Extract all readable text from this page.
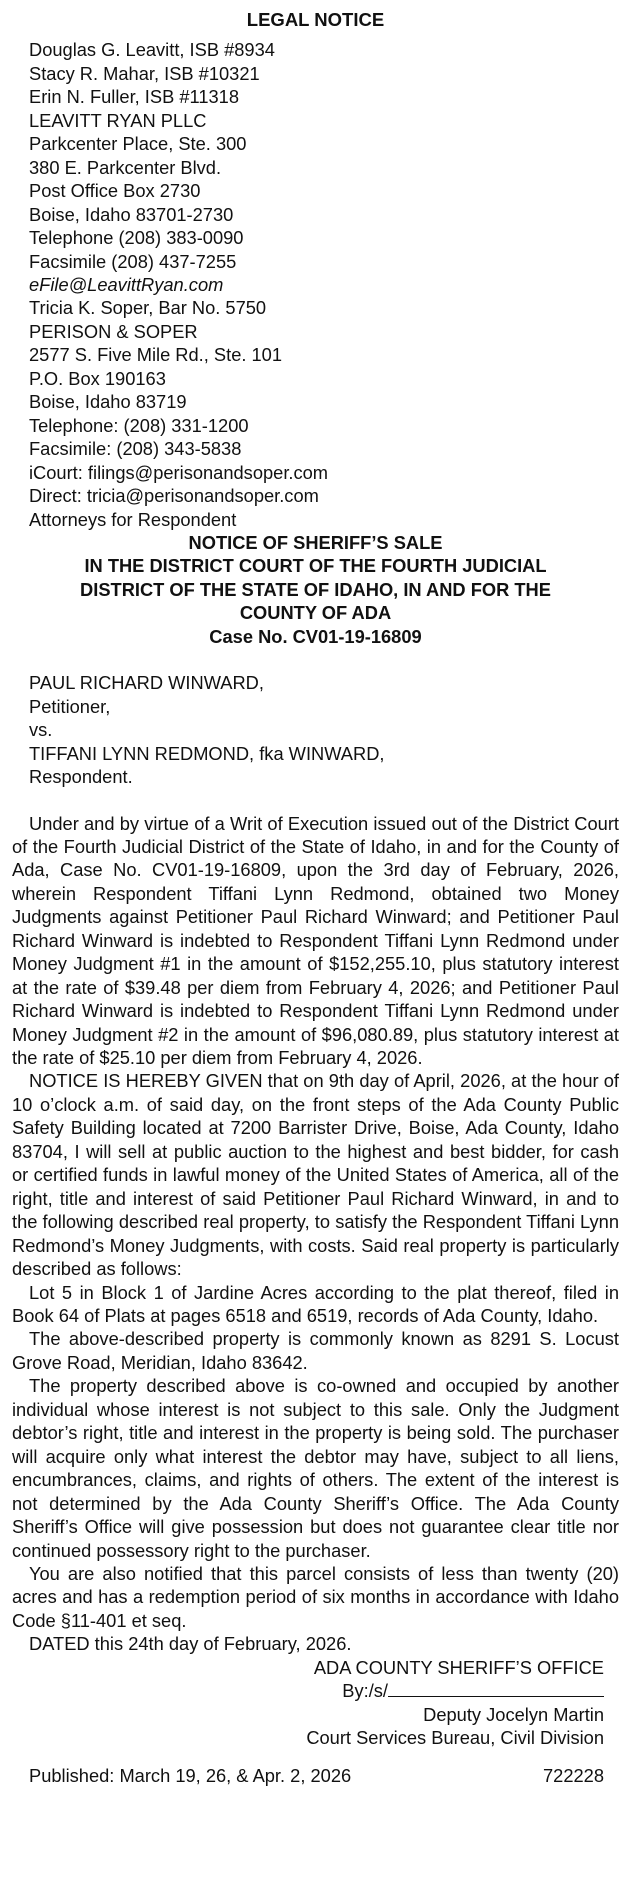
LEGAL NOTICE
Douglas G. Leavitt, ISB #8934
Stacy R. Mahar, ISB #10321
Erin N. Fuller, ISB #11318
LEAVITT RYAN PLLC
Parkcenter Place, Ste. 300
380 E. Parkcenter Blvd.
Post Office Box 2730
Boise, Idaho 83701-2730
Telephone (208) 383-0090
Facsimile (208) 437-7255
eFile@LeavittRyan.com
Tricia K. Soper, Bar No. 5750
PERISON & SOPER
2577 S. Five Mile Rd., Ste. 101
P.O. Box 190163
Boise, Idaho 83719
Telephone: (208) 331-1200
Facsimile: (208) 343-5838
iCourt: filings@perisonandsoper.com
Direct: tricia@perisonandsoper.com
Attorneys for Respondent
NOTICE OF SHERIFF’S SALE
IN THE DISTRICT COURT OF THE FOURTH JUDICIAL
DISTRICT OF THE STATE OF IDAHO, IN AND FOR THE
COUNTY OF ADA
Case No. CV01-19-16809
PAUL RICHARD WINWARD,
Petitioner,
vs.
TIFFANI LYNN REDMOND, fka WINWARD,
Respondent.

Under and by virtue of a Writ of Execution issued out of the District Court of the Fourth Judicial District of the State of Idaho, in and for the County of Ada, Case No. CV01-19-16809, upon the 3rd day of February, 2026, wherein Respondent Tiffani Lynn Redmond, obtained two Money Judgments against Petitioner Paul Richard Winward; and Petitioner Paul Richard Winward is indebted to Respondent Tiffani Lynn Redmond under Money Judgment #1 in the amount of $152,255.10, plus statutory interest at the rate of $39.48 per diem from February 4, 2026; and Petitioner Paul Richard Winward is indebted to Respondent Tiffani Lynn Redmond under Money Judgment #2 in the amount of $96,080.89, plus statutory interest at the rate of $25.10 per diem from February 4, 2026.

NOTICE IS HEREBY GIVEN that on 9th day of April, 2026, at the hour of 10 o’clock a.m. of said day, on the front steps of the Ada County Public Safety Building located at 7200 Barrister Drive, Boise, Ada County, Idaho 83704, I will sell at public auction to the highest and best bidder, for cash or certified funds in lawful money of the United States of America, all of the right, title and interest of said Petitioner Paul Richard Winward, in and to the following described real property, to satisfy the Respondent Tiffani Lynn Redmond’s Money Judgments, with costs. Said real property is particularly described as follows:

Lot 5 in Block 1 of Jardine Acres according to the plat thereof, filed in Book 64 of Plats at pages 6518 and 6519, records of Ada County, Idaho.

The above-described property is commonly known as 8291 S. Locust Grove Road, Meridian, Idaho 83642.

The property described above is co-owned and occupied by another individual whose interest is not subject to this sale. Only the Judgment debtor’s right, title and interest in the property is being sold. The purchaser will acquire only what interest the debtor may have, subject to all liens, encumbrances, claims, and rights of others. The extent of the interest is not determined by the Ada County Sheriff’s Office. The Ada County Sheriff’s Office will give possession but does not guarantee clear title nor continued possessory right to the purchaser.

You are also notified that this parcel consists of less than twenty (20) acres and has a redemption period of six months in accordance with Idaho Code §11-401 et seq.

DATED this 24th day of February, 2026.

ADA COUNTY SHERIFF’S OFFICE
By:/s/
Deputy Jocelyn Martin
Court Services Bureau, Civil Division
Published: March 19, 26, & Apr. 2, 2026	722228
